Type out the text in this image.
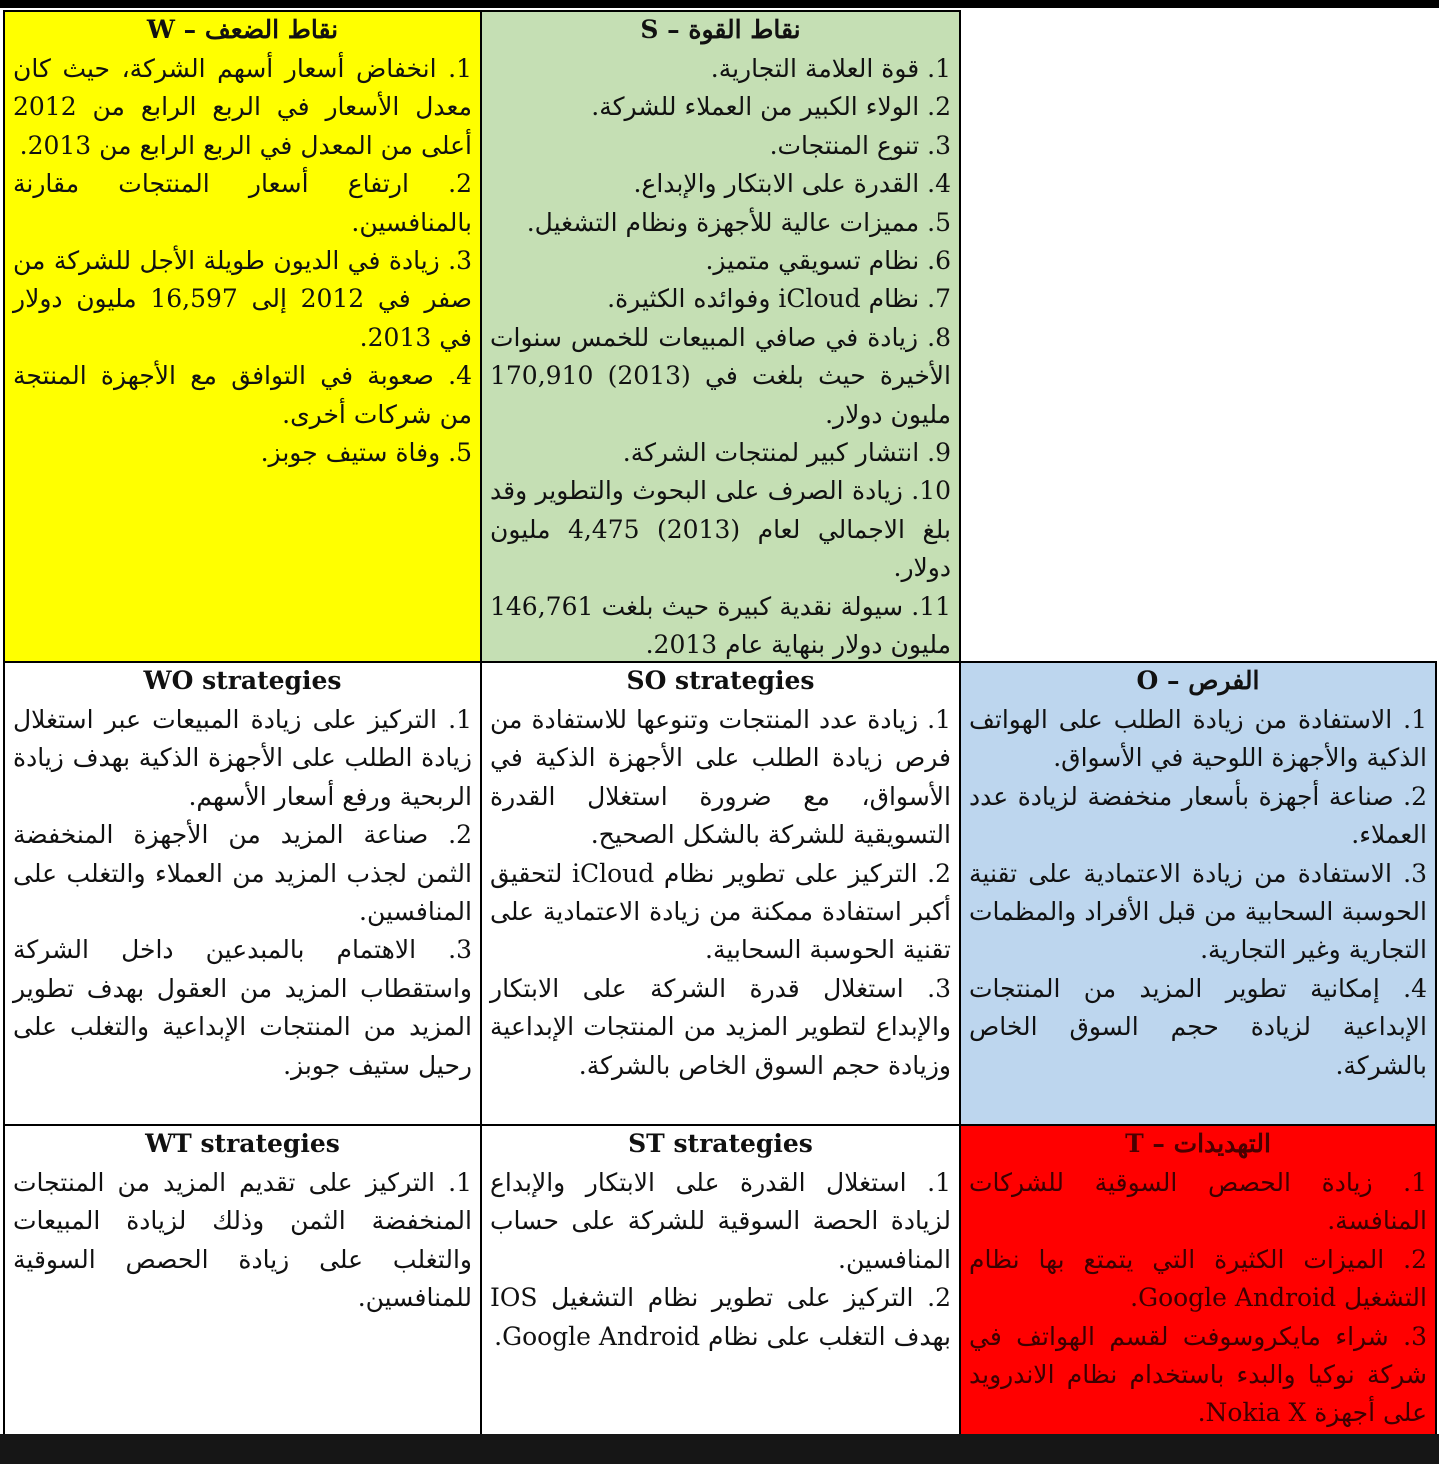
نقاط الضعف – W
1. انخفاض أسعار أسهم الشركة، حيث كان معدل الأسعار في الربع الرابع من 2012 أعلى من المعدل في الربع الرابع من 2013.
2. ارتفاع أسعار المنتجات مقارنة بالمنافسين.
3. زيادة في الديون طويلة الأجل للشركة من صفر في 2012 إلى 16,597 مليون دولار في 2013.
4. صعوبة في التوافق مع الأجهزة المنتجة من شركات أخرى.
5. وفاة ستيف جوبز.
نقاط القوة – S
1. قوة العلامة التجارية.
2. الولاء الكبير من العملاء للشركة.
3. تنوع المنتجات.
4. القدرة على الابتكار والإبداع.
5. مميزات عالية للأجهزة ونظام التشغيل.
6. نظام تسويقي متميز.
7. نظام iCloud وفوائده الكثيرة.
8. زيادة في صافي المبيعات للخمس سنوات الأخيرة حيث بلغت في (2013) 170,910 مليون دولار.
9. انتشار كبير لمنتجات الشركة.
10. زيادة الصرف على البحوث والتطوير وقد بلغ الاجمالي لعام (2013) 4,475 مليون دولار.
11. سيولة نقدية كبيرة حيث بلغت 146,761 مليون دولار بنهاية عام 2013.
WO strategies
1. التركيز على زيادة المبيعات عبر استغلال زيادة الطلب على الأجهزة الذكية بهدف زيادة الربحية ورفع أسعار الأسهم.
2. صناعة المزيد من الأجهزة المنخفضة الثمن لجذب المزيد من العملاء والتغلب على المنافسين.
3. الاهتمام بالمبدعين داخل الشركة واستقطاب المزيد من العقول بهدف تطوير المزيد من المنتجات الإبداعية والتغلب على رحيل ستيف جوبز.
SO strategies
1. زيادة عدد المنتجات وتنوعها للاستفادة من فرص زيادة الطلب على الأجهزة الذكية في الأسواق، مع ضرورة استغلال القدرة التسويقية للشركة بالشكل الصحيح.
2. التركيز على تطوير نظام iCloud لتحقيق أكبر استفادة ممكنة من زيادة الاعتمادية على تقنية الحوسبة السحابية.
3. استغلال قدرة الشركة على الابتكار والإبداع لتطوير المزيد من المنتجات الإبداعية وزيادة حجم السوق الخاص بالشركة.
الفرص – O
1. الاستفادة من زيادة الطلب على الهواتف الذكية والأجهزة اللوحية في الأسواق.
2. صناعة أجهزة بأسعار منخفضة لزيادة عدد العملاء.
3. الاستفادة من زيادة الاعتمادية على تقنية الحوسبة السحابية من قبل الأفراد والمظمات التجارية وغير التجارية.
4. إمكانية تطوير المزيد من المنتجات الإبداعية لزيادة حجم السوق الخاص بالشركة.
WT strategies
1. التركيز على تقديم المزيد من المنتجات المنخفضة الثمن وذلك لزيادة المبيعات والتغلب على زيادة الحصص السوقية للمنافسين.
ST strategies
1. استغلال القدرة على الابتكار والإبداع لزيادة الحصة السوقية للشركة على حساب المنافسين.
2. التركيز على تطوير نظام التشغيل IOS بهدف التغلب على نظام Google Android.
التهديدات – T
1. زيادة الحصص السوقية للشركات المنافسة.
2. الميزات الكثيرة التي يتمتع بها نظام التشغيل Google Android.
3. شراء مايكروسوفت لقسم الهواتف في شركة نوكيا والبدء باستخدام نظام الاندرويد على أجهزة Nokia X.
